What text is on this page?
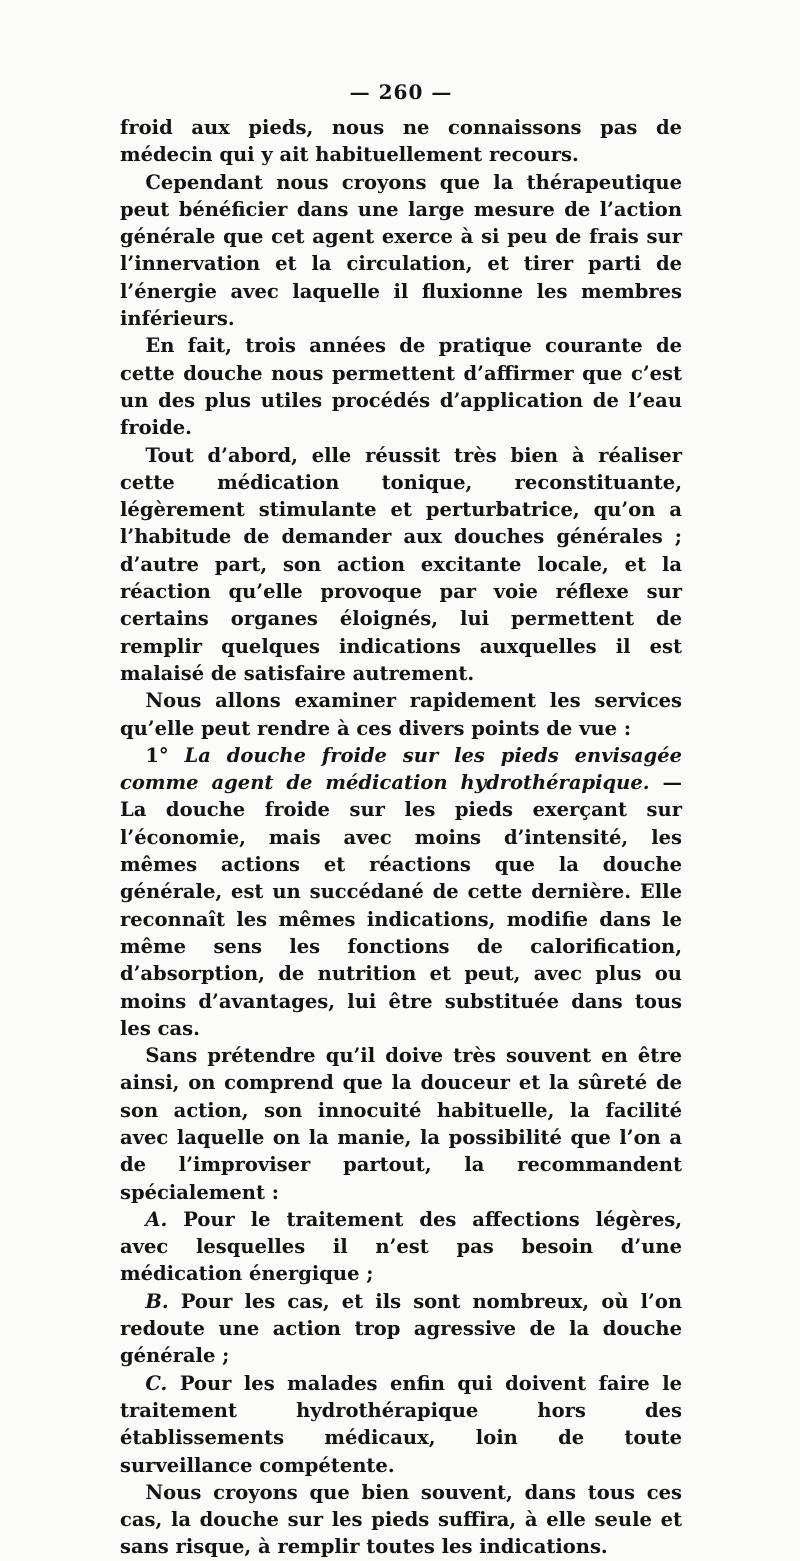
— 260 —

froid aux pieds, nous ne connaissons pas de médecin qui y ait habituellement recours.

Cependant nous croyons que la thérapeutique peut bénéficier dans une large mesure de l’action générale que cet agent exerce à si peu de frais sur l’innervation et la circulation, et tirer parti de l’énergie avec laquelle il fluxionne les membres inférieurs.

En fait, trois années de pratique courante de cette douche nous permettent d’affirmer que c’est un des plus utiles procédés d’application de l’eau froide.

Tout d’abord, elle réussit très bien à réaliser cette médication tonique, reconstituante, légèrement stimulante et perturbatrice, qu’on a l’habitude de demander aux douches générales ; d’autre part, son action excitante locale, et la réaction qu’elle provoque par voie réflexe sur certains organes éloignés, lui permettent de remplir quelques indications auxquelles il est malaisé de satisfaire autrement.

Nous allons examiner rapidement les services qu’elle peut rendre à ces divers points de vue :

1° La douche froide sur les pieds envisagée comme agent de médication hydrothérapique. — La douche froide sur les pieds exerçant sur l’économie, mais avec moins d’intensité, les mêmes actions et réactions que la douche générale, est un succédané de cette dernière. Elle reconnaît les mêmes indications, modifie dans le même sens les fonctions de calorification, d’absorption, de nutrition et peut, avec plus ou moins d’avantages, lui être substituée dans tous les cas.

Sans prétendre qu’il doive très souvent en être ainsi, on comprend que la douceur et la sûreté de son action, son innocuité habituelle, la facilité avec laquelle on la manie, la possibilité que l’on a de l’improviser partout, la recommandent spécialement :

A. Pour le traitement des affections légères, avec lesquelles il n’est pas besoin d’une médication énergique ;

B. Pour les cas, et ils sont nombreux, où l’on redoute une action trop agressive de la douche générale ;

C. Pour les malades enfin qui doivent faire le traitement hydrothérapique hors des établissements médicaux, loin de toute surveillance compétente.

Nous croyons que bien souvent, dans tous ces cas, la douche sur les pieds suffira, à elle seule et sans risque, à remplir toutes les indications.
